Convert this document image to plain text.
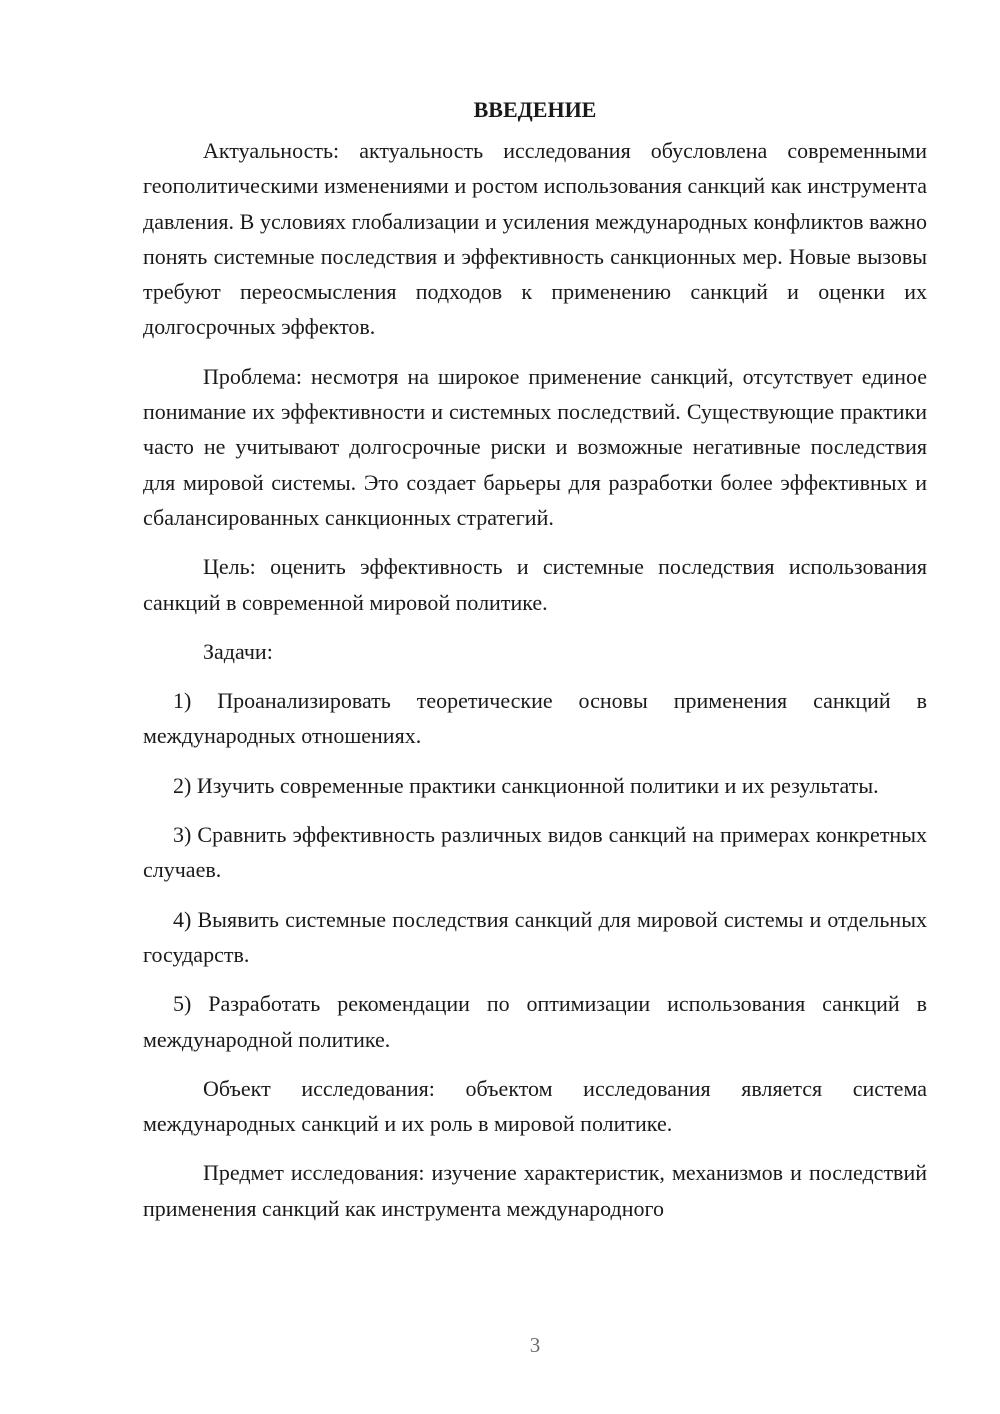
ВВЕДЕНИЕ

Актуальность: актуальность исследования обусловлена современными геополитическими изменениями и ростом использования санкций как инструмента давления. В условиях глобализации и усиления международных конфликтов важно понять системные последствия и эффективность санкционных мер. Новые вызовы требуют переосмысления подходов к применению санкций и оценки их долгосрочных эффектов.

Проблема: несмотря на широкое применение санкций, отсутствует единое понимание их эффективности и системных последствий. Существующие практики часто не учитывают долгосрочные риски и возможные негативные последствия для мировой системы. Это создает барьеры для разработки более эффективных и сбалансированных санкционных стратегий.

Цель: оценить эффективность и системные последствия использования санкций в современной мировой политике.

Задачи:

1) Проанализировать теоретические основы применения санкций в международных отношениях.

2) Изучить современные практики санкционной политики и их результаты.

3) Сравнить эффективность различных видов санкций на примерах конкретных случаев.

4) Выявить системные последствия санкций для мировой системы и отдельных государств.

5) Разработать рекомендации по оптимизации использования санкций в международной политике.

Объект исследования: объектом исследования является система международных санкций и их роль в мировой политике.

Предмет исследования: изучение характеристик, механизмов и последствий применения санкций как инструмента международного

3
